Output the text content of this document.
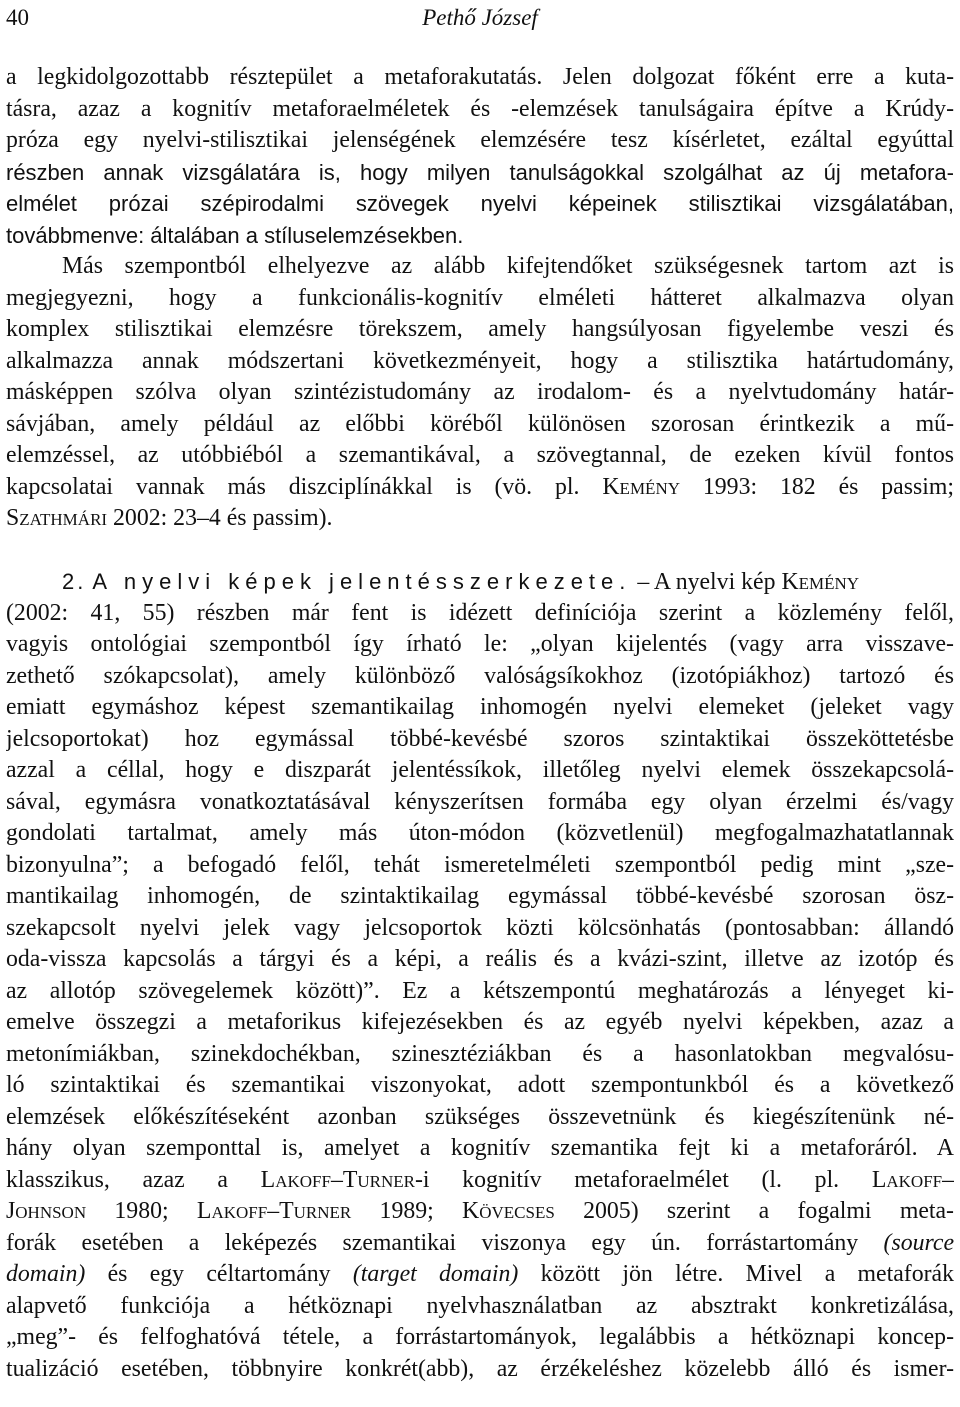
40	Pethő József
a legkidolgozottabb résztерület a metaforakutatás. Jelen dolgozat főként erre a kuta-
tásra, azaz a kognitív metaforaelméletek és -elemzések tanulságaira építve a Krúdy-
próza egy nyelvi-stilisztikai jelenségének elemzésére tesz kísérletet, ezáltal egyúttal
részben annak vizsgálatára is, hogy milyen tanulságokkal szolgálhat az új metafora-
elmélet prózai szépirodalmi szövegek nyelvi képeinek stilisztikai vizsgálatában,
továbbmenve: általában a stíluselemzésekben.
Más szempontból elhelyezve az alább kifejtendőket szükségesnek tartom azt is
megjegyezni, hogy a funkcionális-kognitív elméleti hátteret alkalmazva olyan
komplex stilisztikai elemzésre törekszem, amely hangsúlyosan figyelembe veszi és
alkalmazza annak módszertani következményeit, hogy a stilisztika határtudomány,
másképpen szólva olyan szintézistudomány az irodalom- és a nyelvtudomány határ-
sávjában, amely például az előbbi köréből különösen szorosan érintkezik a mű-
elemzéssel, az utóbbiéból a szemantikával, a szövegtannal, de ezeken kívül fontos
kapcsolatai vannak más diszciplínákkal is (vö. pl. Kemény 1993: 182 és passim;
Szathmári 2002: 23–4 és passim).
2. A nyelvi képek jelentésszerkezete. – A nyelvi kép Kemény
(2002: 41, 55) részben már fent is idézett definíciója szerint a közlemény felől,
vagyis ontológiai szempontból így írható le: „olyan kijelentés (vagy arra visszave-
zethető szókapcsolat), amely különböző valóságsíkokhoz (izotópiákhoz) tartozó és
emiatt egymáshoz képest szemantikailag inhomogén nyelvi elemeket (jeleket vagy
jelcsoportokat) hoz egymással többé-kevésbé szoros szintaktikai összeköttetésbe
azzal a céllal, hogy e diszparát jelentéssíkok, illetőleg nyelvi elemek összekapcsolá-
sával, egymásra vonatkoztatásával kényszerítsen formába egy olyan érzelmi és/vagy
gondolati tartalmat, amely más úton-módon (közvetlenül) megfogalmazhatatlannak
bizonyulna”; a befogadó felől, tehát ismeretelméleti szempontból pedig mint „sze-
mantikailag inhomogén, de szintaktikailag egymással többé-kevésbé szorosan ösz-
szekapcsolt nyelvi jelek vagy jelcsoportok közti kölcsönhatás (pontosabban: állandó
oda-vissza kapcsolás a tárgyi és a képi, a reális és a kvázi-szint, illetve az izotóp és
az allotóp szövegelemek között)”. Ez a kétszempontú meghatározás a lényeget ki-
emelve összegzi a metaforikus kifejezésekben és az egyéb nyelvi képekben, azaz a
metonímiákban, szinekdochékban, szinesztéziákban és a hasonlatokban megvalósu-
ló szintaktikai és szemantikai viszonyokat, adott szempontunkból és a következő
elemzések előkészítéseként azonban szükséges összevetnünk és kiegészítenünk né-
hány olyan szemponttal is, amelyet a kognitív szemantika fejt ki a metaforáról. A
klasszikus, azaz a Lakoff–Turner-i kognitív metaforaelmélet (l. pl. Lakoff–
Johnson 1980; Lakoff–Turner 1989; Kövecses 2005) szerint a fogalmi meta-
forák esetében a leképezés szemantikai viszonya egy ún. forrástartomány (source
domain) és egy céltartomány (target domain) között jön létre. Mivel a metaforák
alapvető funkciója a hétköznapi nyelvhasználatban az absztrakt konkretizálása,
„meg”- és felfoghatóvá tétele, a forrástartományok, legalábbis a hétköznapi koncep-
tualizáció esetében, többnyire konkrét(abb), az érzékeléshez közelebb álló és ismer-
